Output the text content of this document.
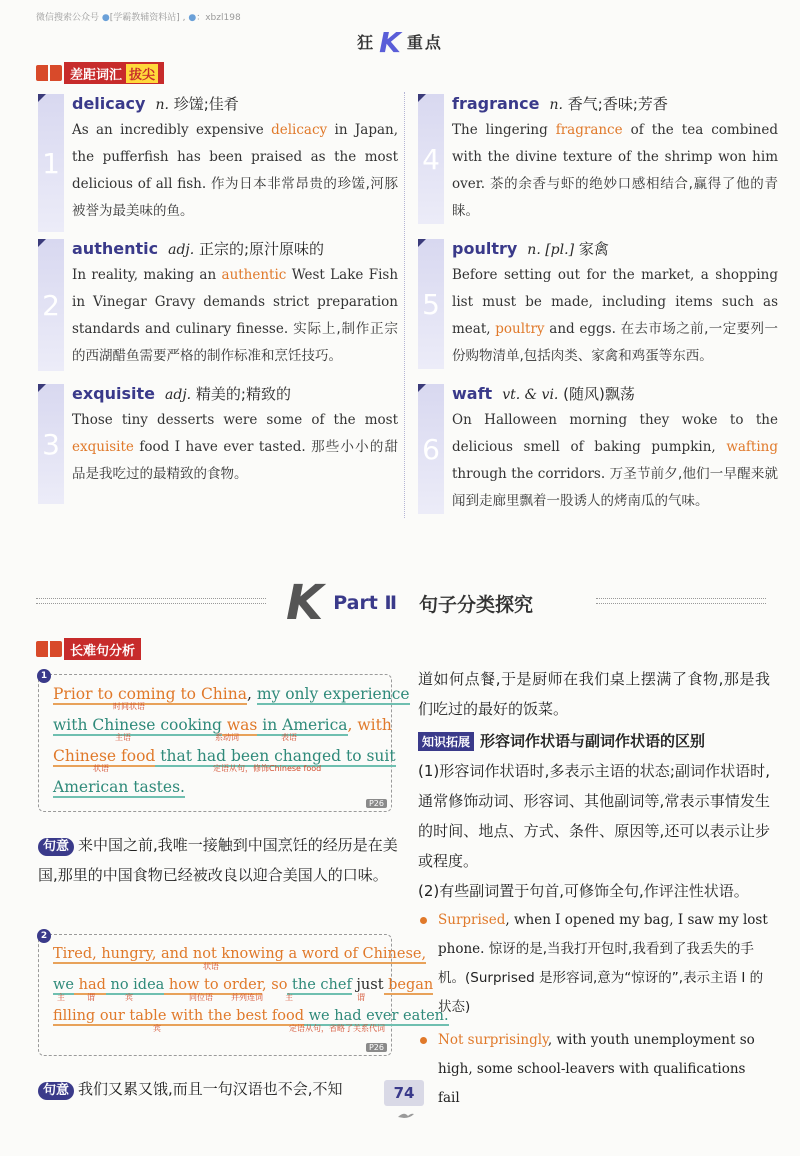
微信搜索公众号 ●[学霸教辅资料站] , ●：xbzl198
狂 K 重点
差距词汇 拔尖
1
delicacy n. 珍馐;佳肴
As an incredibly expensive delicacy in Japan, the pufferfish has been praised as the most delicious of all fish. 作为日本非常昂贵的珍馐,河豚被誉为最美味的鱼。
2
authentic adj. 正宗的;原汁原味的
In reality, making an authentic West Lake Fish in Vinegar Gravy demands strict preparation standards and culinary finesse. 实际上,制作正宗的西湖醋鱼需要严格的制作标准和烹饪技巧。
3
exquisite adj. 精美的;精致的
Those tiny desserts were some of the most exquisite food I have ever tasted. 那些小小的甜品是我吃过的最精致的食物。
4
fragrance n. 香气;香味;芳香
The lingering fragrance of the tea combined with the divine texture of the shrimp won him over. 茶的余香与虾的绝妙口感相结合,赢得了他的青睐。
5
poultry n. [pl.] 家禽
Before setting out for the market, a shopping list must be made, including items such as meat, poultry and eggs. 在去市场之前,一定要列一份购物清单,包括肉类、家禽和鸡蛋等东西。
6
waft vt. & vi. (随风)飘荡
On Halloween morning they woke to the delicious smell of baking pumpkin, wafting through the corridors. 万圣节前夕,他们一早醒来就闻到走廊里飘着一股诱人的烤南瓜的气味。
K Part Ⅱ 句子分类探究
长难句分析
1
Prior to coming to China, my only experience
时间状语
with Chinese cooking was in America, with
主语	系动词	表语
Chinese food that had been changed to suit
状语	定语从句，修饰Chinese food
American tastes.
P26
句意 来中国之前,我唯一接触到中国烹饪的经历是在美国,那里的中国食物已经被改良以迎合美国人的口味。
2
Tired, hungry, and not knowing a word of Chinese,
状语
we had no idea how to order, so the chef just began
主	谓	宾	同位语 并列连词	主	谓
filling our table with the best food we had ever eaten.
宾	定语从句，省略了关系代词
P26
句意 我们又累又饿,而且一句汉语也不会,不知

道如何点餐,于是厨师在我们桌上摆满了食物,那是我们吃过的最好的饭菜。

知识拓展 形容词作状语与副词作状语的区别

(1)形容词作状语时,多表示主语的状态;副词作状语时,通常修饰动词、形容词、其他副词等,常表示事情发生的时间、地点、方式、条件、原因等,还可以表示让步或程度。

(2)有些副词置于句首,可修饰全句,作评注性状语。

Surprised, when I opened my bag, I saw my lost phone. 惊讶的是,当我打开包时,我看到了我丢失的手机。(Surprised 是形容词,意为“惊讶的”,表示主语 I 的状态)
Not surprisingly, with youth unemployment so high, some school-leavers with qualifications fail
74
